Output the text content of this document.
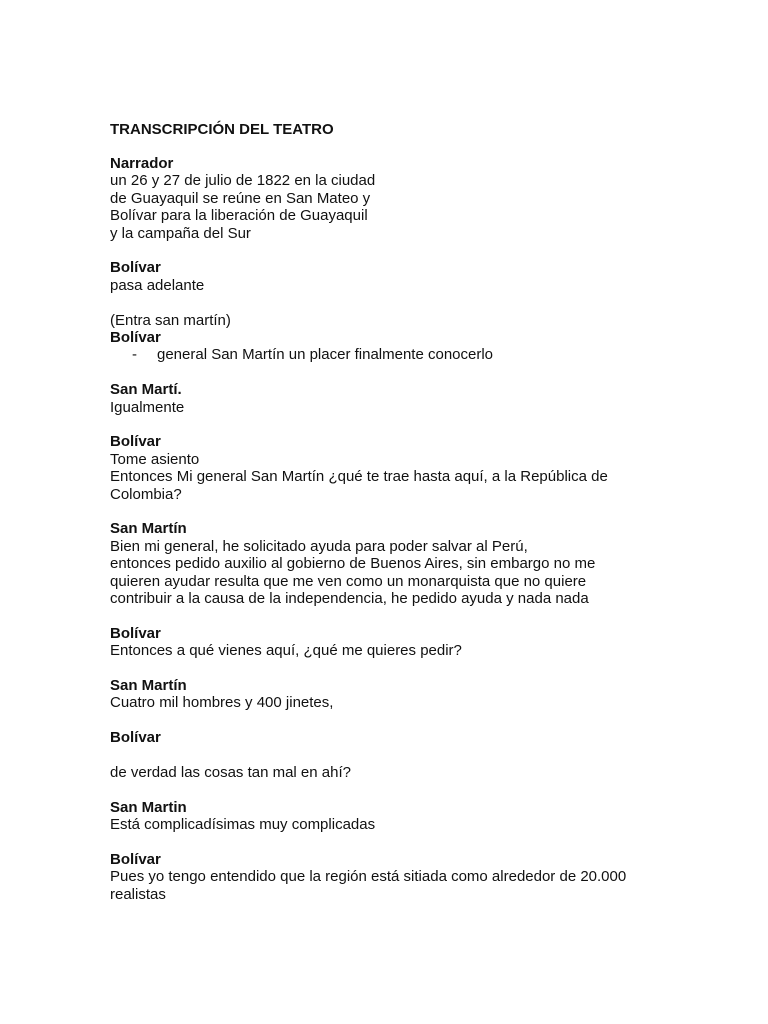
TRANSCRIPCIÓN DEL TEATRO
Narrador
un 26 y 27 de julio de 1822 en la ciudad
de Guayaquil se reúne en San Mateo y
Bolívar para la liberación de Guayaquil
y la campaña del Sur
Bolívar
pasa adelante
(Entra san martín)
Bolívar
- general San Martín un placer finalmente conocerlo
San Martí.
Igualmente
Bolívar
Tome asiento
Entonces Mi general San Martín ¿qué te trae hasta aquí, a la República de
Colombia?
San Martín
Bien mi general, he solicitado ayuda para poder salvar al Perú,
entonces pedido auxilio al gobierno de Buenos Aires, sin embargo no me
quieren ayudar resulta que me ven como un monarquista que no quiere
contribuir a la causa de la independencia, he pedido ayuda y nada nada
Bolívar
Entonces a qué vienes aquí, ¿qué me quieres pedir?
San Martín
Cuatro mil hombres y 400 jinetes,
Bolívar
de verdad las cosas tan mal en ahí?
San Martin
Está complicadísimas muy complicadas
Bolívar
Pues yo tengo entendido que la región está sitiada como alrededor de 20.000
realistas
